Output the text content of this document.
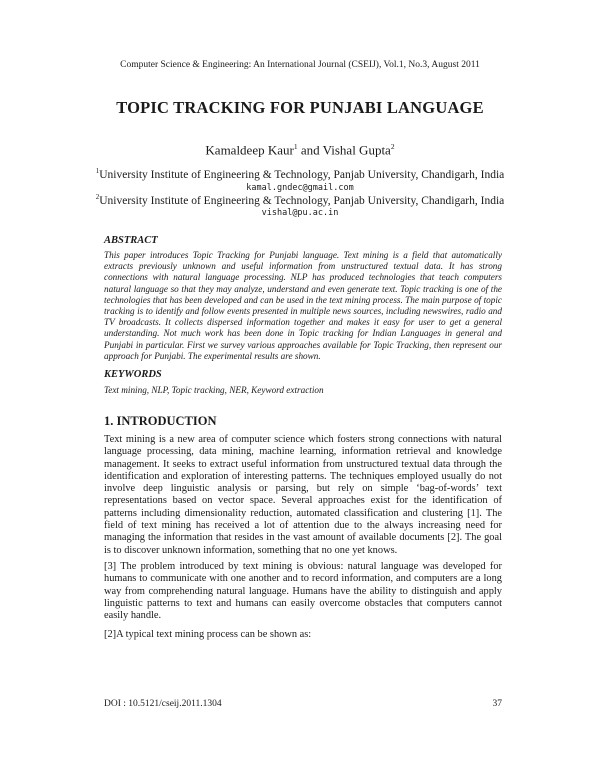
Computer Science & Engineering: An International Journal (CSEIJ), Vol.1, No.3, August 2011
TOPIC TRACKING FOR PUNJABI LANGUAGE
Kamaldeep Kaur$^1$ and Vishal Gupta$^2$
$^1$University Institute of Engineering & Technology, Panjab University, Chandigarh, India
kamal.gndec@gmail.com
$^2$University Institute of Engineering & Technology, Panjab University, Chandigarh, India
vishal@pu.ac.in
ABSTRACT
This paper introduces Topic Tracking for Punjabi language. Text mining is a field that automatically extracts previously unknown and useful information from unstructured textual data. It has strong connections with natural language processing. NLP has produced technologies that teach computers natural language so that they may analyze, understand and even generate text. Topic tracking is one of the technologies that has been developed and can be used in the text mining process. The main purpose of topic tracking is to identify and follow events presented in multiple news sources, including newswires, radio and TV broadcasts. It collects dispersed information together and makes it easy for user to get a general understanding. Not much work has been done in Topic tracking for Indian Languages in general and Punjabi in particular. First we survey various approaches available for Topic Tracking, then represent our approach for Punjabi. The experimental results are shown.
KEYWORDS
Text mining, NLP, Topic tracking, NER, Keyword extraction
1. INTRODUCTION
Text mining is a new area of computer science which fosters strong connections with natural language processing, data mining, machine learning, information retrieval and knowledge management. It seeks to extract useful information from unstructured textual data through the identification and exploration of interesting patterns. The techniques employed usually do not involve deep linguistic analysis or parsing, but rely on simple ‘bag-of-words’ text representations based on vector space. Several approaches exist for the identification of patterns including dimensionality reduction, automated classification and clustering [1]. The field of text mining has received a lot of attention due to the always increasing need for managing the information that resides in the vast amount of available documents [2]. The goal is to discover unknown information, something that no one yet knows.
[3] The problem introduced by text mining is obvious: natural language was developed for humans to communicate with one another and to record information, and computers are a long way from comprehending natural language. Humans have the ability to distinguish and apply linguistic patterns to text and humans can easily overcome obstacles that computers cannot easily handle.
[2]A typical text mining process can be shown as:
DOI : 10.5121/cseij.2011.1304	37
